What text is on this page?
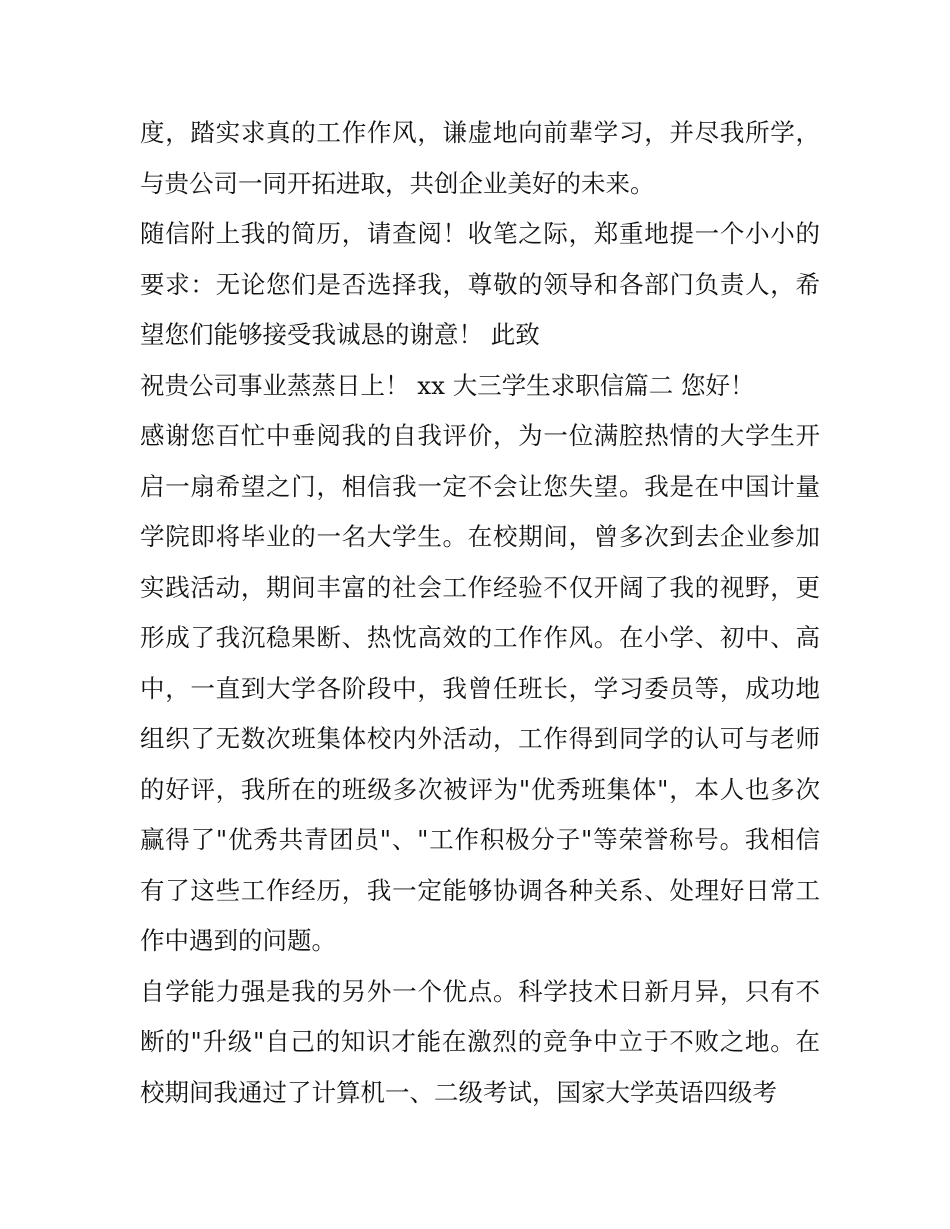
度，踏实求真的工作作风，谦虚地向前辈学习，并尽我所学，
与贵公司一同开拓进取，共创企业美好的未来。
随信附上我的简历，请查阅！收笔之际，郑重地提一个小小的
要求：无论您们是否选择我，尊敬的领导和各部门负责人，希
望您们能够接受我诚恳的谢意！ 此致
祝贵公司事业蒸蒸日上！ xx 大三学生求职信篇二 您好！
感谢您百忙中垂阅我的自我评价，为一位满腔热情的大学生开
启一扇希望之门，相信我一定不会让您失望。我是在中国计量
学院即将毕业的一名大学生。在校期间，曾多次到去企业参加
实践活动，期间丰富的社会工作经验不仅开阔了我的视野，更
形成了我沉稳果断、热忱高效的工作作风。在小学、初中、高
中，一直到大学各阶段中，我曾任班长，学习委员等，成功地
组织了无数次班集体校内外活动，工作得到同学的认可与老师
的好评，我所在的班级多次被评为"优秀班集体"，本人也多次
赢得了"优秀共青团员"、"工作积极分子"等荣誉称号。我相信
有了这些工作经历，我一定能够协调各种关系、处理好日常工
作中遇到的问题。
自学能力强是我的另外一个优点。科学技术日新月异，只有不
断的"升级"自己的知识才能在激烈的竞争中立于不败之地。在
校期间我通过了计算机一、二级考试，国家大学英语四级考
